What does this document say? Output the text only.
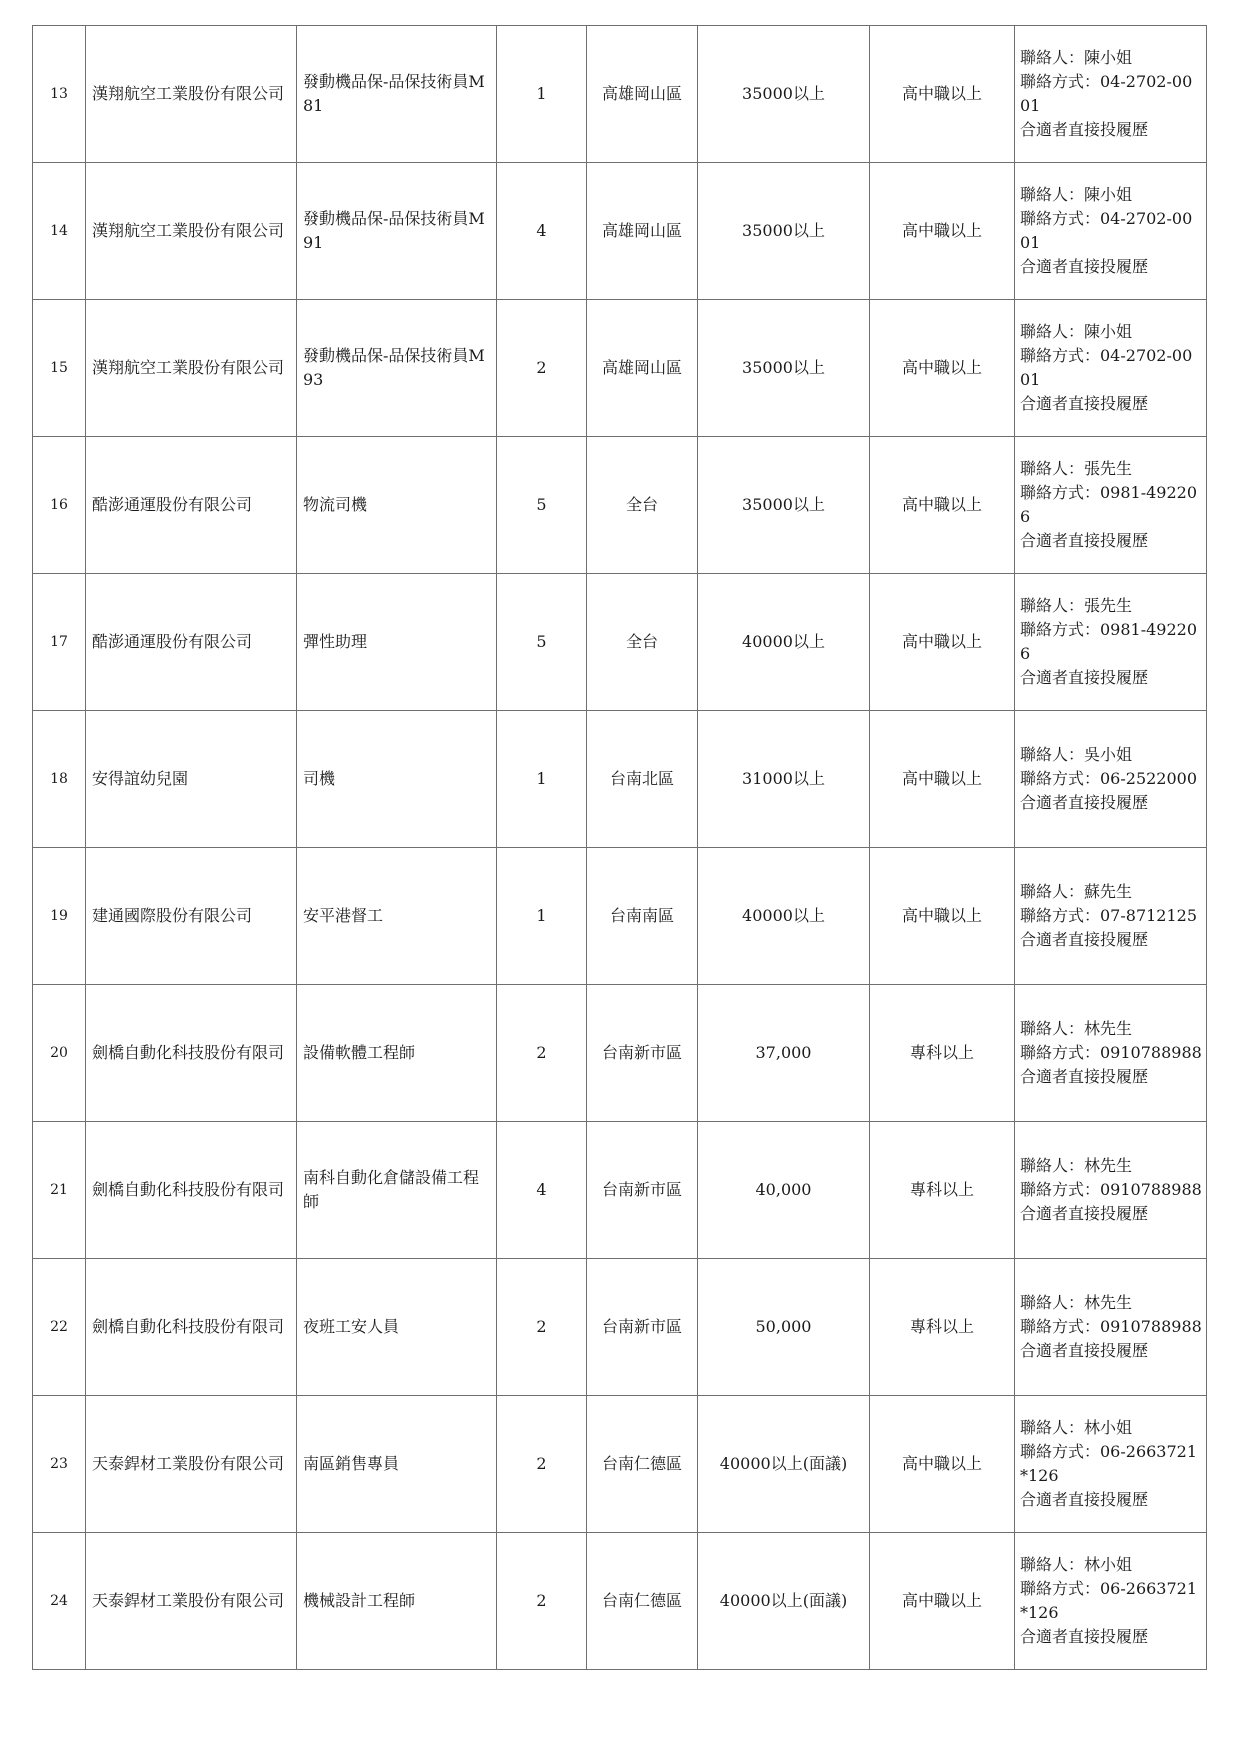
13	漢翔航空工業股份有限公司	發動機品保-品保技術員M81	1	高雄岡山區	35000以上	高中職以上	聯絡人：陳小姐
聯絡方式：04-2702-0001
合適者直接投履歷

14	漢翔航空工業股份有限公司	發動機品保-品保技術員M91	4	高雄岡山區	35000以上	高中職以上	聯絡人：陳小姐
聯絡方式：04-2702-0001
合適者直接投履歷

15	漢翔航空工業股份有限公司	發動機品保-品保技術員M93	2	高雄岡山區	35000以上	高中職以上	聯絡人：陳小姐
聯絡方式：04-2702-0001
合適者直接投履歷

16	酷澎通運股份有限公司	物流司機	5	全台	35000以上	高中職以上	聯絡人：張先生
聯絡方式：0981-492206
合適者直接投履歷

17	酷澎通運股份有限公司	彈性助理	5	全台	40000以上	高中職以上	聯絡人：張先生
聯絡方式：0981-492206
合適者直接投履歷

18	安得誼幼兒園	司機	1	台南北區	31000以上	高中職以上	聯絡人：吳小姐
聯絡方式：06-2522000
合適者直接投履歷

19	建通國際股份有限公司	安平港督工	1	台南南區	40000以上	高中職以上	聯絡人：蘇先生
聯絡方式：07-8712125
合適者直接投履歷

20	劍橋自動化科技股份有限司	設備軟體工程師	2	台南新市區	37,000	專科以上	聯絡人：林先生
聯絡方式：0910788988
合適者直接投履歷

21	劍橋自動化科技股份有限司	南科自動化倉儲設備工程師	4	台南新市區	40,000	專科以上	聯絡人：林先生
聯絡方式：0910788988
合適者直接投履歷

22	劍橋自動化科技股份有限司	夜班工安人員	2	台南新市區	50,000	專科以上	聯絡人：林先生
聯絡方式：0910788988
合適者直接投履歷

23	天泰銲材工業股份有限公司	南區銷售專員	2	台南仁德區	40000以上(面議)	高中職以上	聯絡人：林小姐
聯絡方式：06-2663721*126
合適者直接投履歷

24	天泰銲材工業股份有限公司	機械設計工程師	2	台南仁德區	40000以上(面議)	高中職以上	聯絡人：林小姐
聯絡方式：06-2663721*126
合適者直接投履歷
